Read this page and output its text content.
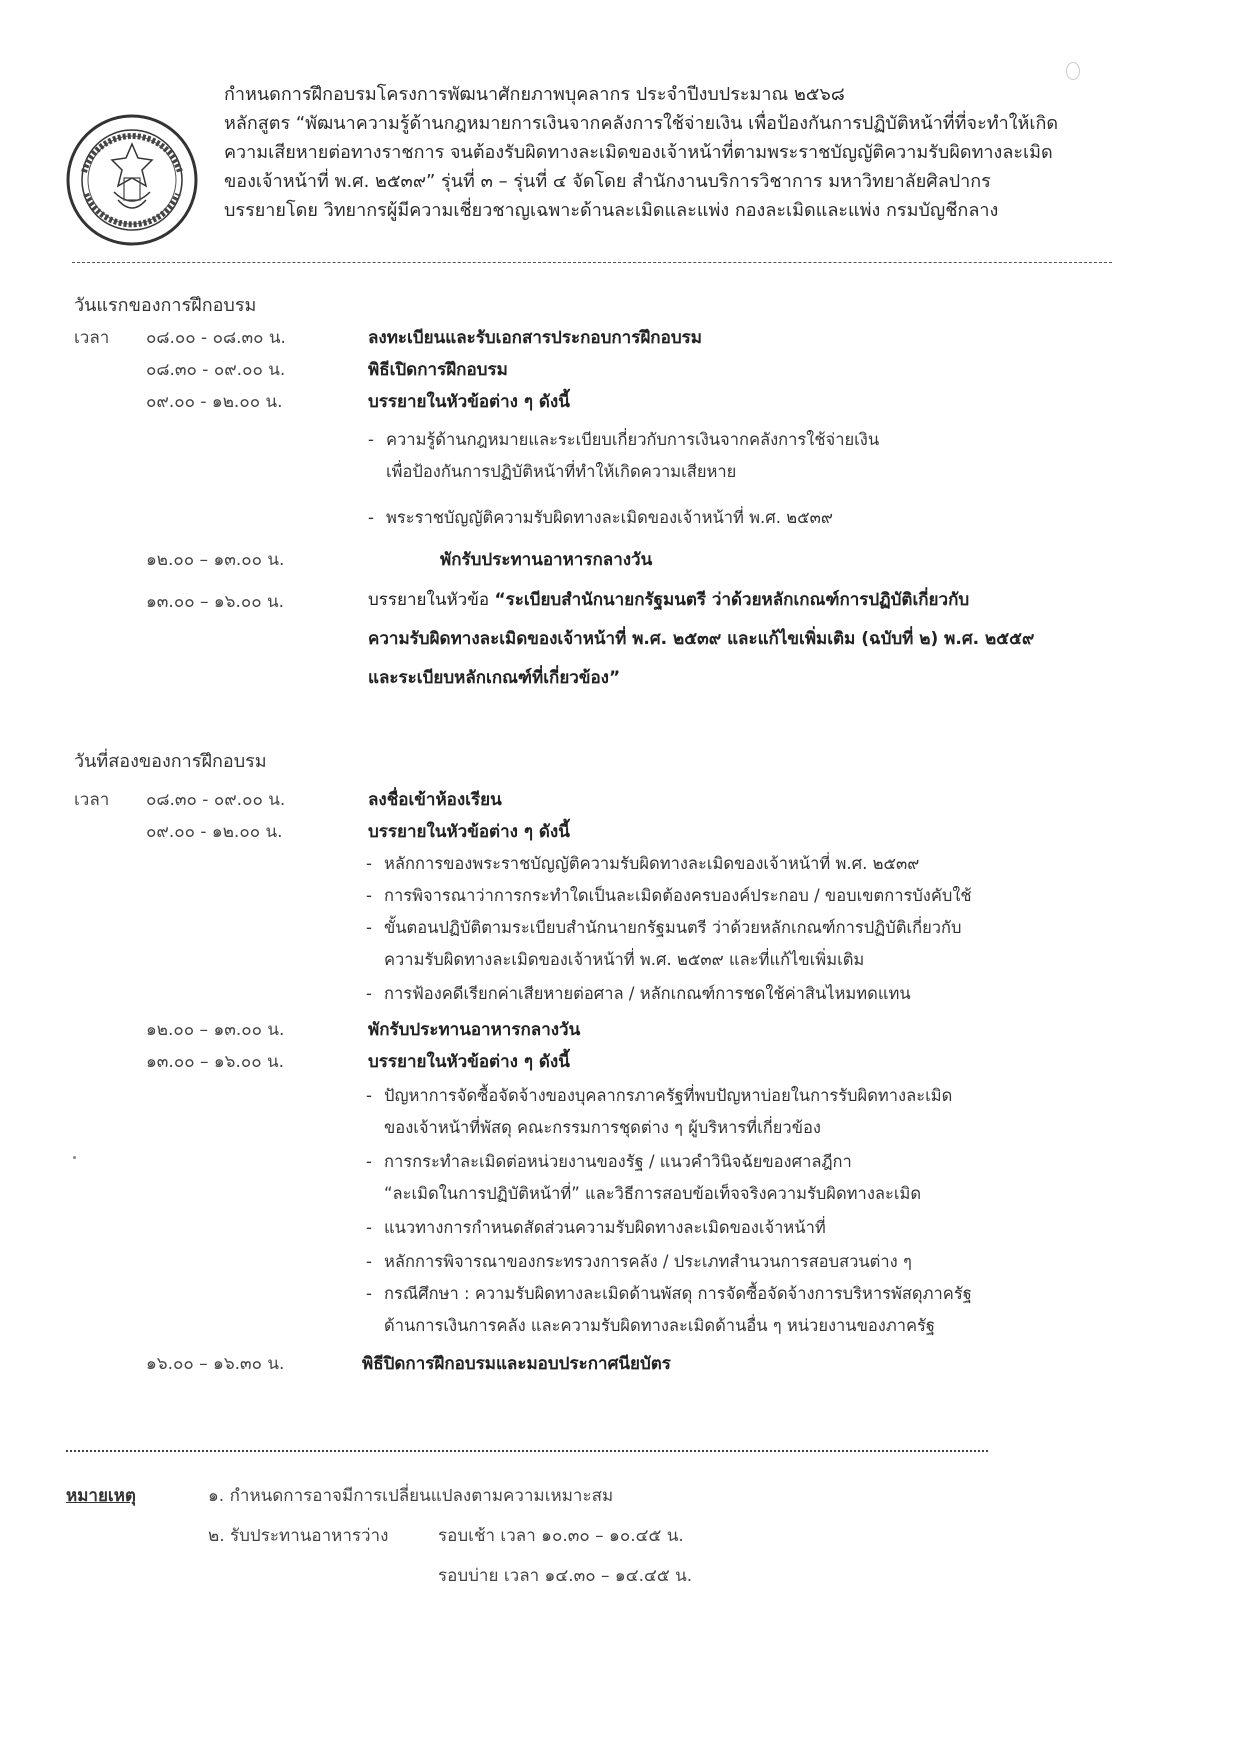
กำหนดการฝึกอบรมโครงการพัฒนาศักยภาพบุคลากร ประจำปีงบประมาณ ๒๕๖๘
หลักสูตร “พัฒนาความรู้ด้านกฎหมายการเงินจากคลังการใช้จ่ายเงิน เพื่อป้องกันการปฏิบัติหน้าที่ที่จะทำให้เกิด
ความเสียหายต่อทางราชการ จนต้องรับผิดทางละเมิดของเจ้าหน้าที่ตามพระราชบัญญัติความรับผิดทางละเมิด
ของเจ้าหน้าที่ พ.ศ. ๒๕๓๙” รุ่นที่ ๓ – รุ่นที่ ๔ จัดโดย สำนักงานบริการวิชาการ มหาวิทยาลัยศิลปากร
บรรยายโดย วิทยากรผู้มีความเชี่ยวชาญเฉพาะด้านละเมิดและแพ่ง กองละเมิดและแพ่ง กรมบัญชีกลาง
วันแรกของการฝึกอบรม
เวลา ๐๘.๐๐ - ๐๘.๓๐ น.	ลงทะเบียนและรับเอกสารประกอบการฝึกอบรม
๐๘.๓๐ - ๐๙.๐๐ น.	พิธีเปิดการฝึกอบรม
๐๙.๐๐ - ๑๒.๐๐ น.	บรรยายในหัวข้อต่าง ๆ ดังนี้
- ความรู้ด้านกฎหมายและระเบียบเกี่ยวกับการเงินจากคลังการใช้จ่ายเงิน
เพื่อป้องกันการปฏิบัติหน้าที่ทำให้เกิดความเสียหาย
- พระราชบัญญัติความรับผิดทางละเมิดของเจ้าหน้าที่ พ.ศ. ๒๕๓๙
๑๒.๐๐ – ๑๓.๐๐ น.	พักรับประทานอาหารกลางวัน
๑๓.๐๐ – ๑๖.๐๐ น.	บรรยายในหัวข้อ “ระเบียบสำนักนายกรัฐมนตรี ว่าด้วยหลักเกณฑ์การปฏิบัติเกี่ยวกับ
ความรับผิดทางละเมิดของเจ้าหน้าที่ พ.ศ. ๒๕๓๙ และแก้ไขเพิ่มเติม (ฉบับที่ ๒) พ.ศ. ๒๕๕๙
และระเบียบหลักเกณฑ์ที่เกี่ยวข้อง”
วันที่สองของการฝึกอบรม
เวลา ๐๘.๓๐ - ๐๙.๐๐ น.	ลงชื่อเข้าห้องเรียน
๐๙.๐๐ - ๑๒.๐๐ น.	บรรยายในหัวข้อต่าง ๆ ดังนี้
- หลักการของพระราชบัญญัติความรับผิดทางละเมิดของเจ้าหน้าที่ พ.ศ. ๒๕๓๙
- การพิจารณาว่าการกระทำใดเป็นละเมิดต้องครบองค์ประกอบ / ขอบเขตการบังคับใช้
- ขั้นตอนปฏิบัติตามระเบียบสำนักนายกรัฐมนตรี ว่าด้วยหลักเกณฑ์การปฏิบัติเกี่ยวกับ
ความรับผิดทางละเมิดของเจ้าหน้าที่ พ.ศ. ๒๕๓๙ และที่แก้ไขเพิ่มเติม
- การฟ้องคดีเรียกค่าเสียหายต่อศาล / หลักเกณฑ์การชดใช้ค่าสินไหมทดแทน
๑๒.๐๐ – ๑๓.๐๐ น.	พักรับประทานอาหารกลางวัน
๑๓.๐๐ – ๑๖.๐๐ น.	บรรยายในหัวข้อต่าง ๆ ดังนี้
- ปัญหาการจัดซื้อจัดจ้างของบุคลากรภาครัฐที่พบปัญหาบ่อยในการรับผิดทางละเมิด
ของเจ้าหน้าที่พัสดุ คณะกรรมการชุดต่าง ๆ ผู้บริหารที่เกี่ยวข้อง
- การกระทำละเมิดต่อหน่วยงานของรัฐ / แนวคำวินิจฉัยของศาลฎีกา
“ละเมิดในการปฏิบัติหน้าที่” และวิธีการสอบข้อเท็จจริงความรับผิดทางละเมิด
- แนวทางการกำหนดสัดส่วนความรับผิดทางละเมิดของเจ้าหน้าที่
- หลักการพิจารณาของกระทรวงการคลัง / ประเภทสำนวนการสอบสวนต่าง ๆ
- กรณีศึกษา : ความรับผิดทางละเมิดด้านพัสดุ การจัดซื้อจัดจ้างการบริหารพัสดุภาครัฐ
ด้านการเงินการคลัง และความรับผิดทางละเมิดด้านอื่น ๆ หน่วยงานของภาครัฐ
๑๖.๐๐ – ๑๖.๓๐ น.	พิธีปิดการฝึกอบรมและมอบประกาศนียบัตร
หมายเหตุ	๑. กำหนดการอาจมีการเปลี่ยนแปลงตามความเหมาะสม
๒. รับประทานอาหารว่าง	รอบเช้า เวลา ๑๐.๓๐ – ๑๐.๔๕ น.
รอบบ่าย เวลา ๑๔.๓๐ – ๑๔.๔๕ น.
